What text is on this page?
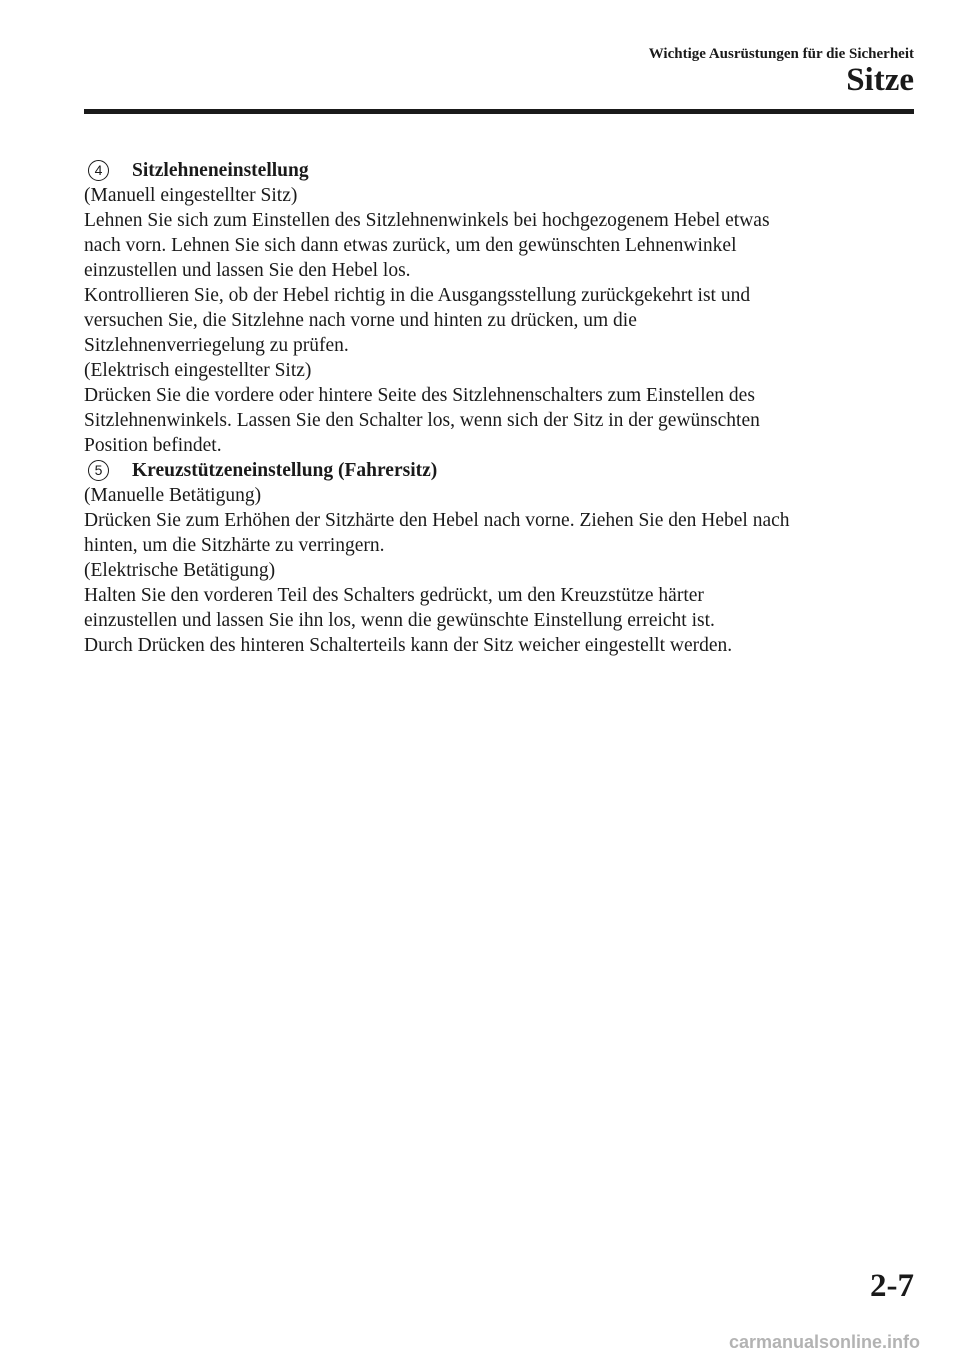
Wichtige Ausrüstungen für die Sicherheit
Sitze
4	Sitzlehneneinstellung
(Manuell eingestellter Sitz)
Lehnen Sie sich zum Einstellen des Sitzlehnenwinkels bei hochgezogenem Hebel etwas
nach vorn. Lehnen Sie sich dann etwas zurück, um den gewünschten Lehnenwinkel
einzustellen und lassen Sie den Hebel los.
Kontrollieren Sie, ob der Hebel richtig in die Ausgangsstellung zurückgekehrt ist und
versuchen Sie, die Sitzlehne nach vorne und hinten zu drücken, um die
Sitzlehnenverriegelung zu prüfen.
(Elektrisch eingestellter Sitz)
Drücken Sie die vordere oder hintere Seite des Sitzlehnenschalters zum Einstellen des
Sitzlehnenwinkels. Lassen Sie den Schalter los, wenn sich der Sitz in der gewünschten
Position befindet.
5	Kreuzstützeneinstellung (Fahrersitz)
(Manuelle Betätigung)
Drücken Sie zum Erhöhen der Sitzhärte den Hebel nach vorne. Ziehen Sie den Hebel nach
hinten, um die Sitzhärte zu verringern.
(Elektrische Betätigung)
Halten Sie den vorderen Teil des Schalters gedrückt, um den Kreuzstütze härter
einzustellen und lassen Sie ihn los, wenn die gewünschte Einstellung erreicht ist.
Durch Drücken des hinteren Schalterteils kann der Sitz weicher eingestellt werden.
2-7
carmanualsonline.info
